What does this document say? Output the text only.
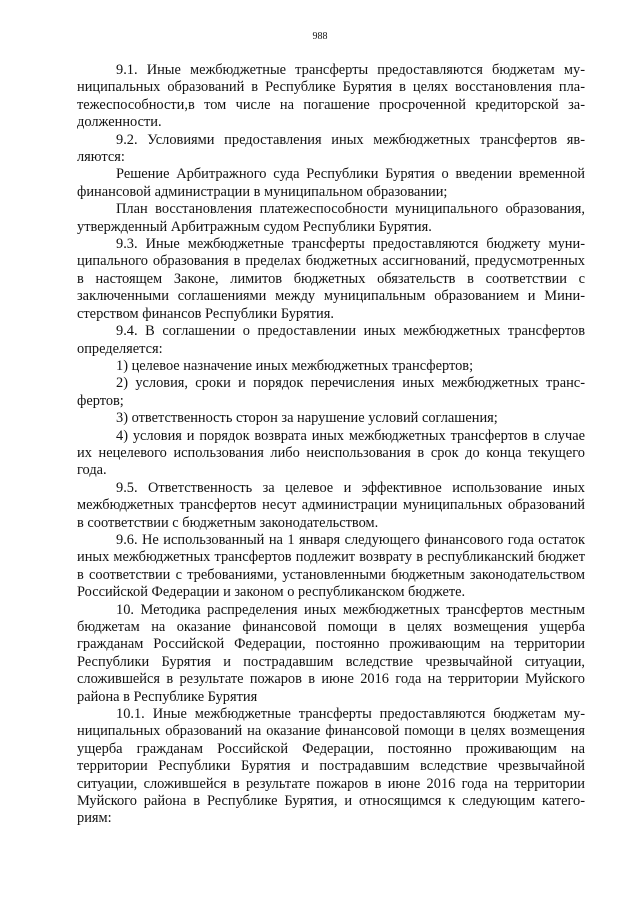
988

9.1. Иные межбюджетные трансферты предоставляются бюджетам муниципальных образований в Республике Бурятия в целях восстановления платежеспособности,в том числе на погашение просроченной кредиторской задолженности.

9.2. Условиями предоставления иных межбюджетных трансфертов являются:

Решение Арбитражного суда Республики Бурятия о введении временной финансовой администрации в муниципальном образовании;

План восстановления платежеспособности муниципального образования, утвержденный Арбитражным судом Республики Бурятия.

9.3. Иные межбюджетные трансферты предоставляются бюджету муниципального образования в пределах бюджетных ассигнований, предусмотренных в настоящем Законе, лимитов бюджетных обязательств в соответствии с заключенными соглашениями между муниципальным образованием и Министерством финансов Республики Бурятия.

9.4. В соглашении о предоставлении иных межбюджетных трансфертов определяется:

1) целевое назначение иных межбюджетных трансфертов;

2) условия, сроки и порядок перечисления иных межбюджетных трансфертов;

3) ответственность сторон за нарушение условий соглашения;

4) условия и порядок возврата иных межбюджетных трансфертов в случае их нецелевого использования либо неиспользования в срок до конца текущего года.

9.5. Ответственность за целевое и эффективное использование иных межбюджетных трансфертов несут администрации муниципальных образований в соответствии с бюджетным законодательством.

9.6. Не использованный на 1 января следующего финансового года остаток иных межбюджетных трансфертов подлежит возврату в республиканский бюджет в соответствии с требованиями, установленными бюджетным законодательством Российской Федерации и законом о республиканском бюджете.

10. Методика распределения иных межбюджетных трансфертов местным бюджетам на оказание финансовой помощи в целях возмещения ущерба гражданам Российской Федерации, постоянно проживающим на территории Республики Бурятия и пострадавшим вследствие чрезвычайной ситуации, сложившейся в результате пожаров в июне 2016 года на территории Муйского района в Республике Бурятия

10.1. Иные межбюджетные трансферты предоставляются бюджетам муниципальных образований на оказание финансовой помощи в целях возмещения ущерба гражданам Российской Федерации, постоянно проживающим на территории Республики Бурятия и пострадавшим вследствие чрезвычайной ситуации, сложившейся в результате пожаров в июне 2016 года на территории Муйского района в Республике Бурятия, и относящимся к следующим категориям:
